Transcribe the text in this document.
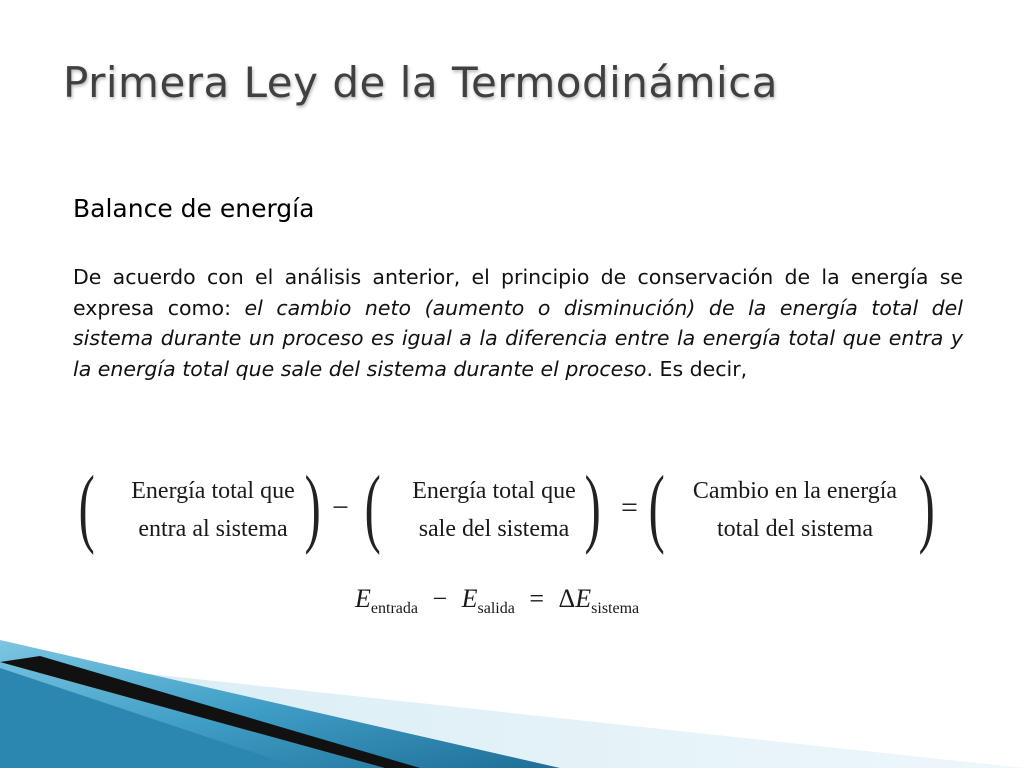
Primera Ley de la Termodinámica
Balance de energía

De acuerdo con el análisis anterior, el principio de conservación de la energía se expresa como: el cambio neto (aumento o disminución) de la energía total del sistema durante un proceso es igual a la diferencia entre la energía total que entra y la energía total que sale del sistema durante el proceso. Es decir,

(	Energía total que
entra al sistema ) − (	Energía total que
sale del sistema ) = (	Cambio en la energía
total del sistema )
$E_{entrada} - E_{salida} = \Delta E_{sistema}$
